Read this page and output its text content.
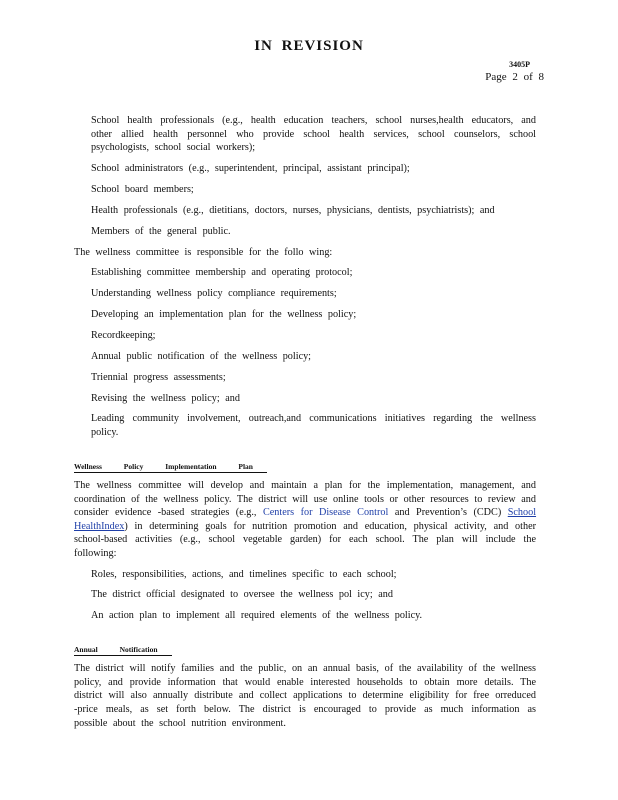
IN REVISION
3405P
Page 2 of 8
School health professionals (e.g., health education teachers, school nurses,health educators, and other allied health personnel who provide school health services, school counselors, school psychologists, school social workers);
School administrators (e.g., superintendent, principal, assistant principal);
School board members;
Health professionals (e.g., dietitians, doctors, nurses, physicians, dentists, psychiatrists); and
Members of the general public.

The wellness committee is responsible for the follo wing:

Establishing committee membership and operating protocol;
Understanding wellness policy compliance requirements;
Developing an implementation plan for the wellness policy;
Recordkeeping;
Annual public notification of the wellness policy;
Triennial progress assessments;
Revising the wellness policy; and
Leading community involvement, outreach,and communications initiatives regarding the wellness policy.
Wellness Policy Implementation Plan

The wellness committee will develop and maintain a plan for the implementation, management, and coordination of the wellness policy. The district will use online tools or other resources to review and consider evidence -based strategies (e.g., Centers for Disease Control and Prevention’s (CDC) School HealthIndex) in determining goals for nutrition promotion and education, physical activity, and other school-based activities (e.g., school vegetable garden) for each school. The plan will include the following:

Roles, responsibilities, actions, and timelines specific to each school;
The district official designated to oversee the wellness pol icy; and
An action plan to implement all required elements of the wellness policy.
Annual Notification

The district will notify families and the public, on an annual basis, of the availability of the wellness policy, and provide information that would enable interested households to obtain more details. The district will also annually distribute and collect applications to determine eligibility for free orreduced -price meals, as set forth below. The district is encouraged to provide as much information as possible about the school nutrition environment.
